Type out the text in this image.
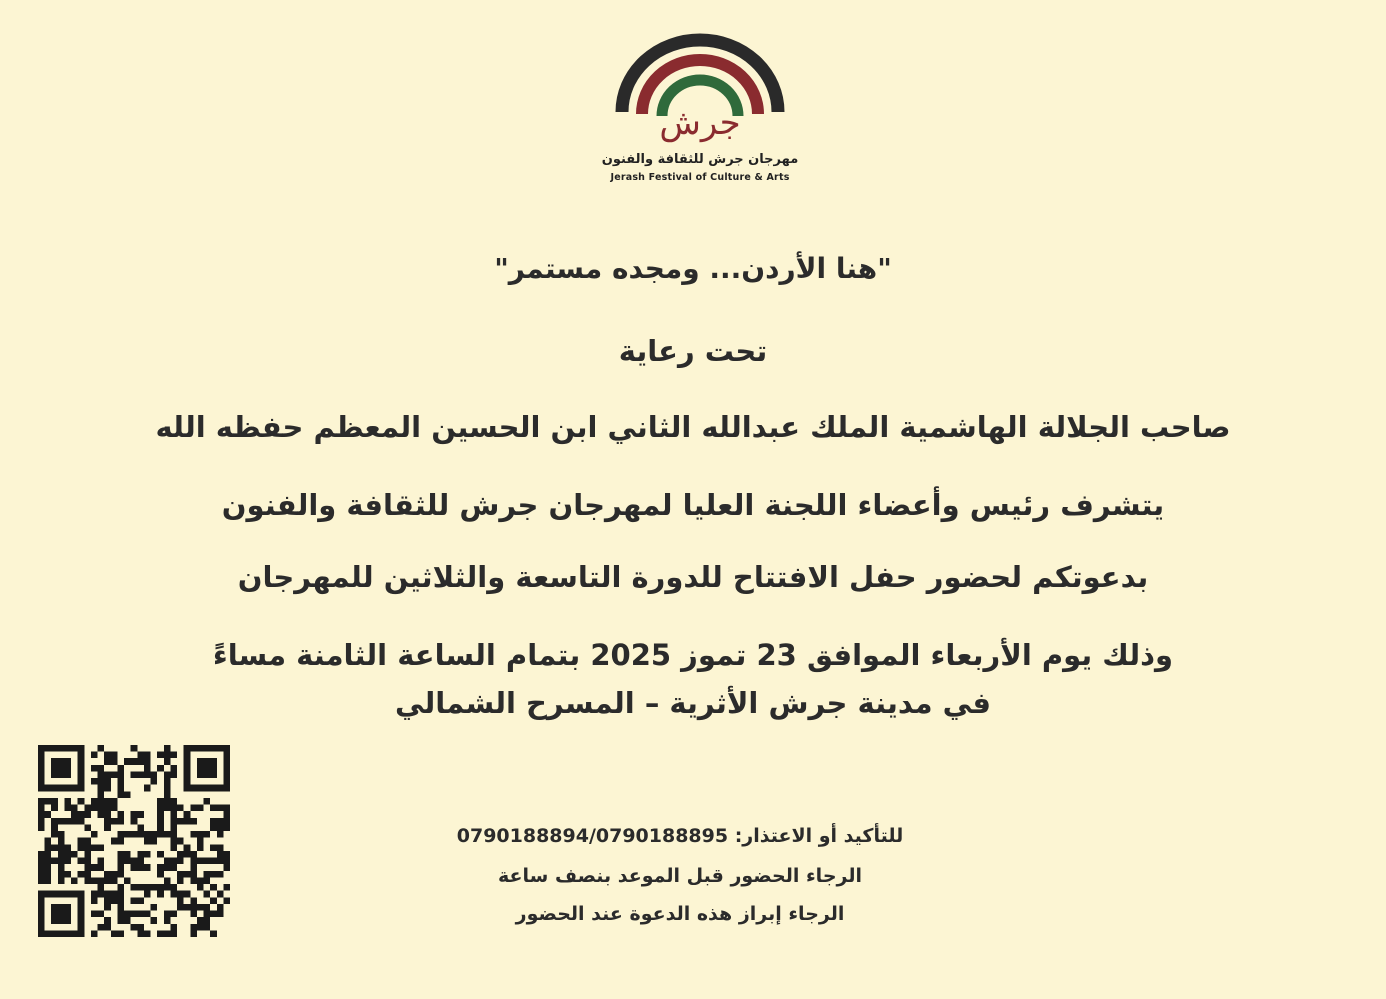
جرش
مهرجان جرش للثقافة والفنون
Jerash Festival of Culture & Arts
"هنا الأردن... ومجده مستمر"
تحت رعاية
صاحب الجلالة الهاشمية الملك عبدالله الثاني ابن الحسين المعظم حفظه الله
يتشرف رئيس وأعضاء اللجنة العليا لمهرجان جرش للثقافة والفنون
بدعوتكم لحضور حفل الافتتاح للدورة التاسعة والثلاثين للمهرجان
وذلك يوم الأربعاء الموافق 23 تموز 2025 بتمام الساعة الثامنة مساءً
في مدينة جرش الأثرية – المسرح الشمالي
للتأكيد أو الاعتذار: 0790188894/0790188895
الرجاء الحضور قبل الموعد بنصف ساعة
الرجاء إبراز هذه الدعوة عند الحضور
